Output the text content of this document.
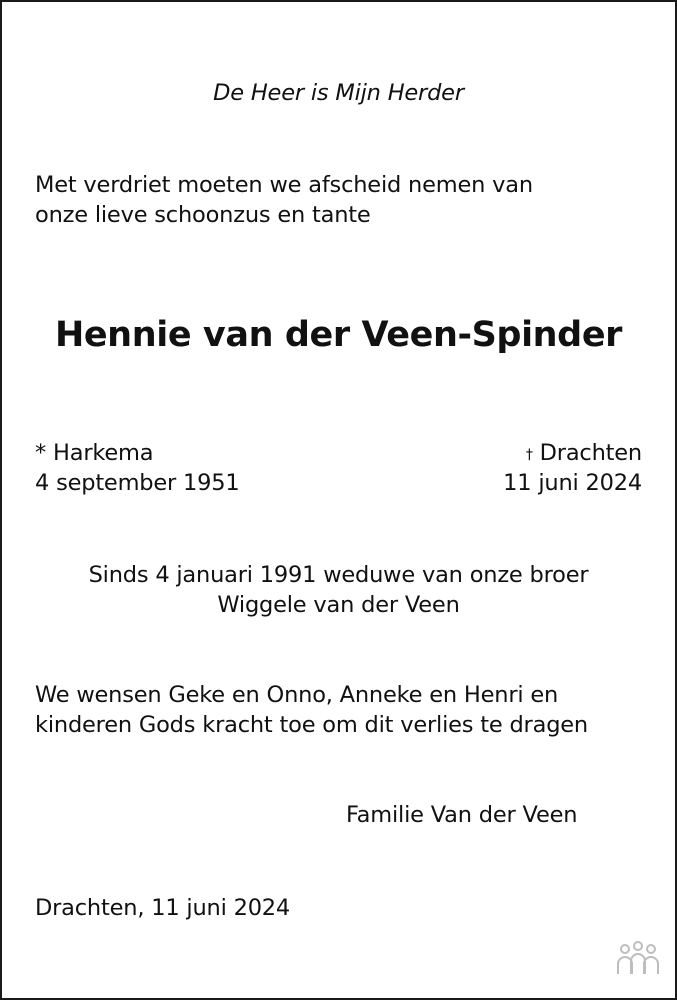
De Heer is Mijn Herder
Met verdriet moeten we afscheid nemen van
onze lieve schoonzus en tante
Hennie van der Veen-Spinder
* Harkema
4 september 1951
† Drachten
11 juni 2024
Sinds 4 januari 1991 weduwe van onze broer
Wiggele van der Veen
We wensen Geke en Onno, Anneke en Henri en
kinderen Gods kracht toe om dit verlies te dragen
Familie Van der Veen
Drachten, 11 juni 2024
